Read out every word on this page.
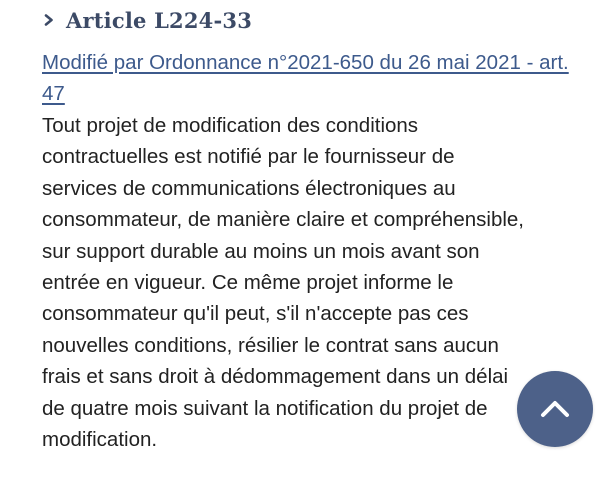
Article L224-33
Modifié par Ordonnance n°2021-650 du 26 mai 2021 - art. 47

Tout projet de modification des conditions
contractuelles est notifié par le fournisseur de
services de communications électroniques au
consommateur, de manière claire et compréhensible,
sur support durable au moins un mois avant son
entrée en vigueur. Ce même projet informe le
consommateur qu'il peut, s'il n'accepte pas ces
nouvelles conditions, résilier le contrat sans aucun
frais et sans droit à dédommagement dans un délai
de quatre mois suivant la notification du projet de
modification.
